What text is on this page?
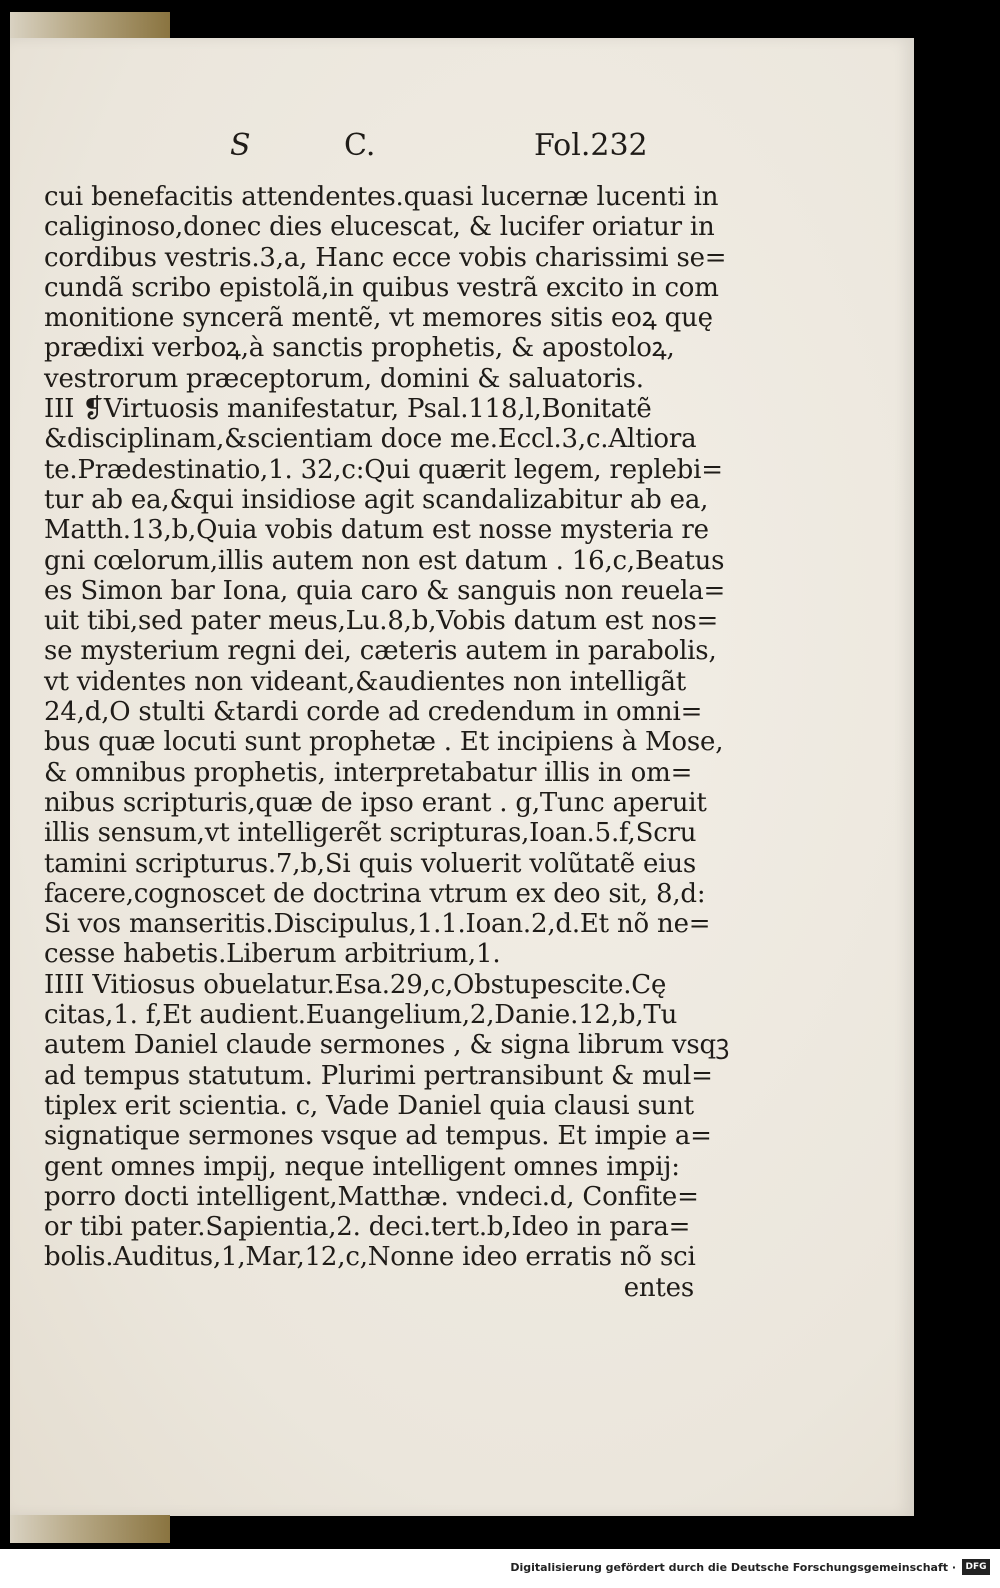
S	C.	Fol.232
cui benefacitis attendentes.quasi lucernæ lucenti in
caliginoso,donec dies elucescat, & lucifer oriatur in
cordibus vestris.3,a, Hanc ecce vobis charissimi se=
cundã scribo epistolã,in quibus vestrã excito in com
monitione syncerã mentẽ, vt memores sitis eoꝝ quę
prædixi verboꝝ,à sanctis prophetis, & apostoloꝝ,
vestrorum præceptorum, domini & saluatoris.
III ❡Virtuosis manifestatur, Psal.118,l,Bonitatẽ
&disciplinam,&scientiam doce me.Eccl.3,c.Altiora
te.Prædestinatio,1. 32,c:Qui quærit legem, replebi=
tur ab ea,&qui insidiose agit scandalizabitur ab ea,
Matth.13,b,Quia vobis datum est nosse mysteria re
gni cœlorum,illis autem non est datum . 16,c,Beatus
es Simon bar Iona, quia caro & sanguis non reuela=
uit tibi,sed pater meus,Lu.8,b,Vobis datum est nos=
se mysterium regni dei, cæteris autem in parabolis,
vt videntes non videant,&audientes non intelligãt
24,d,O stulti &tardi corde ad credendum in omni=
bus quæ locuti sunt prophetæ . Et incipiens à Mose,
& omnibus prophetis, interpretabatur illis in om=
nibus scripturis,quæ de ipso erant . g,Tunc aperuit
illis sensum,vt intelligerẽt scripturas,Ioan.5.f,Scru
tamini scripturus.7,b,Si quis voluerit volũtatẽ eius
facere,cognoscet de doctrina vtrum ex deo sit, 8,d:
Si vos manseritis.Discipulus,1.1.Ioan.2,d.Et nõ ne=
cesse habetis.Liberum arbitrium,1.
IIII Vitiosus obuelatur.Esa.29,c,Obstupescite.Cę
citas,1. f,Et audient.Euangelium,2,Danie.12,b,Tu
autem Daniel claude sermones , & signa librum vsqꝫ
ad tempus statutum. Plurimi pertransibunt & mul=
tiplex erit scientia. c, Vade Daniel quia clausi sunt
signatique sermones vsque ad tempus. Et impie a=
gent omnes impij, neque intelligent omnes impij:
porro docti intelligent,Matthæ. vndeci.d, Confite=
or tibi pater.Sapientia,2. deci.tert.b,Ideo in para=
bolis.Auditus,1,Mar,12,c,Nonne ideo erratis nõ sci
entes
Digitalisierung gefördert durch die Deutsche Forschungsgemeinschaft ·	DFG
